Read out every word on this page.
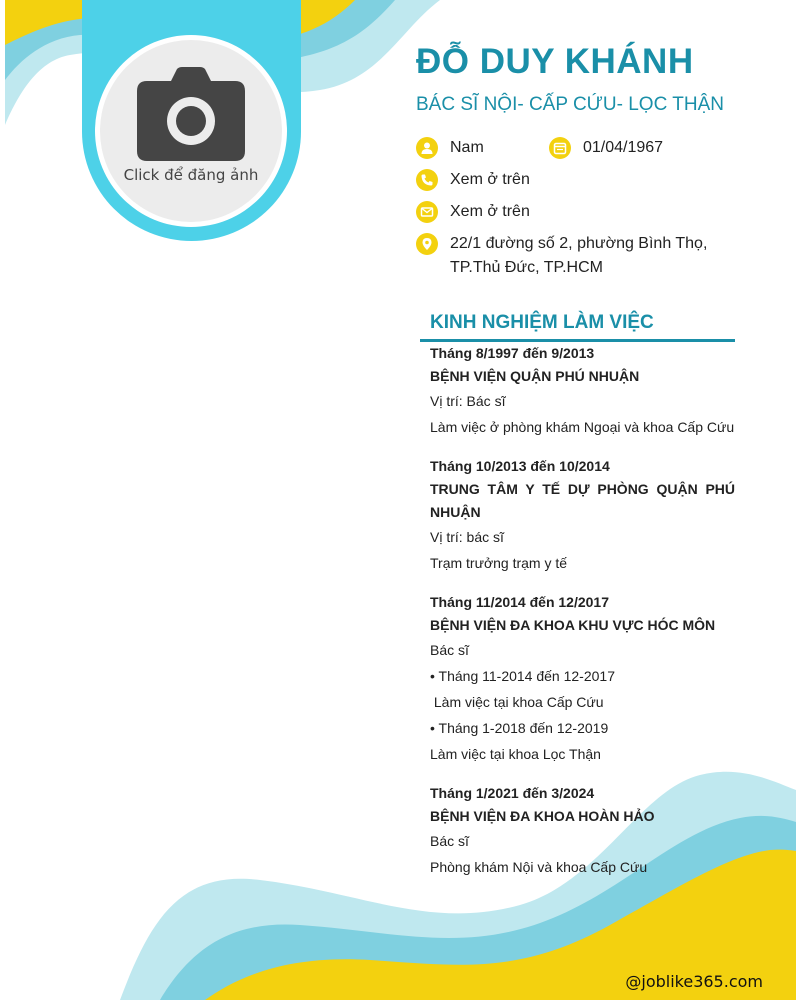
Click để đăng ảnh
ĐỖ DUY KHÁNH
BÁC SĨ NỘI- CẤP CỨU- LỌC THẬN
Nam	01/04/1967
Xem ở trên
Xem ở trên
22/1 đường số 2, phường Bình Thọ, TP.Thủ Đức, TP.HCM
KINH NGHIỆM LÀM VIỆC
Tháng 8/1997 đến 9/2013
BỆNH VIỆN QUẬN PHÚ NHUẬN
Vị trí: Bác sĩ
Làm việc ở phòng khám Ngoại và khoa Cấp Cứu
Tháng 10/2013 đến 10/2014
TRUNG TÂM Y TẾ DỰ PHÒNG QUẬN PHÚ NHUẬN
Vị trí: bác sĩ
Trạm trưởng trạm y tế
Tháng 11/2014 đến 12/2017
BỆNH VIỆN ĐA KHOA KHU VỰC HÓC MÔN
Bác sĩ
• Tháng 11-2014 đến 12-2017
Làm việc tại khoa Cấp Cứu
• Tháng 1-2018 đến 12-2019
Làm việc tại khoa Lọc Thận
Tháng 1/2021 đến 3/2024
BỆNH VIỆN ĐA KHOA HOÀN HẢO
Bác sĩ
Phòng khám Nội và khoa Cấp Cứu
@joblike365.com
